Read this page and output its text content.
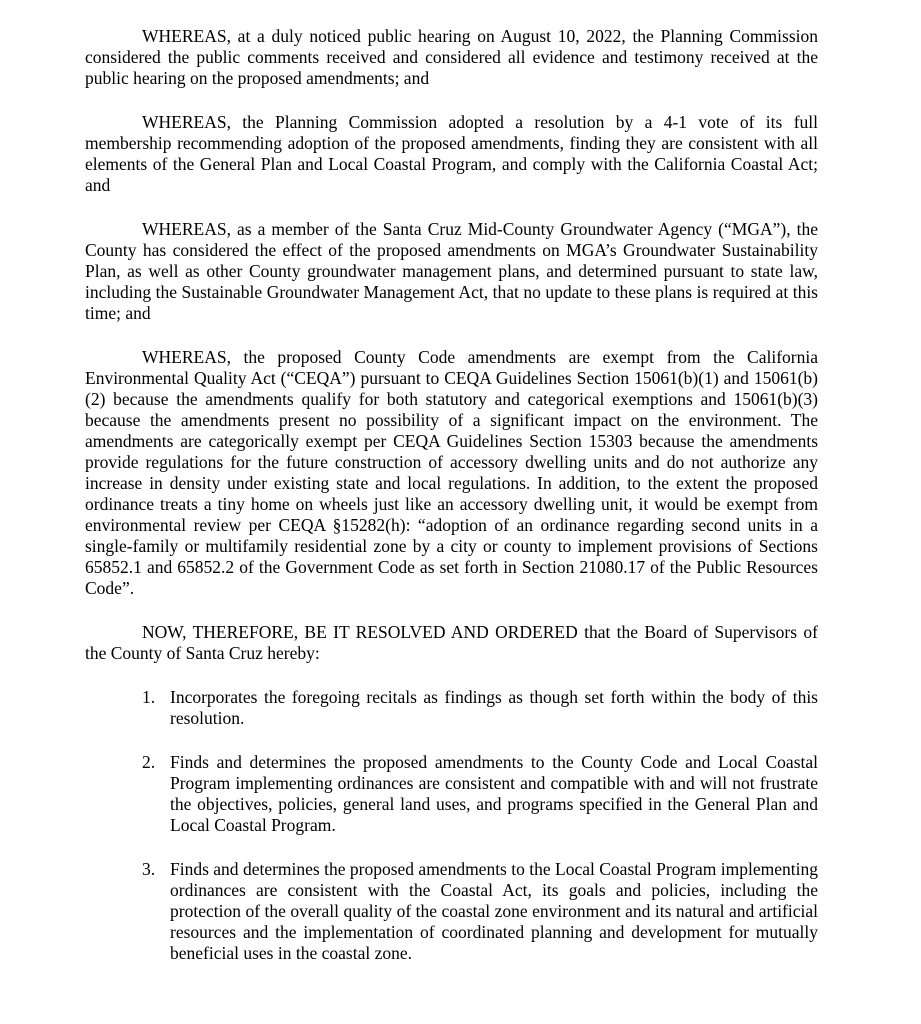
WHEREAS, at a duly noticed public hearing on August 10, 2022, the Planning Commission considered the public comments received and considered all evidence and testimony received at the public hearing on the proposed amendments; and

WHEREAS, the Planning Commission adopted a resolution by a 4-1 vote of its full membership recommending adoption of the proposed amendments, finding they are consistent with all elements of the General Plan and Local Coastal Program, and comply with the California Coastal Act; and

WHEREAS, as a member of the Santa Cruz Mid-County Groundwater Agency (“MGA”), the County has considered the effect of the proposed amendments on MGA’s Groundwater Sustainability Plan, as well as other County groundwater management plans, and determined pursuant to state law, including the Sustainable Groundwater Management Act, that no update to these plans is required at this time; and

WHEREAS, the proposed County Code amendments are exempt from the California Environmental Quality Act (“CEQA”) pursuant to CEQA Guidelines Section 15061(b)(1) and 15061(b)(2) because the amendments qualify for both statutory and categorical exemptions and 15061(b)(3) because the amendments present no possibility of a significant impact on the environment. The amendments are categorically exempt per CEQA Guidelines Section 15303 because the amendments provide regulations for the future construction of accessory dwelling units and do not authorize any increase in density under existing state and local regulations. In addition, to the extent the proposed ordinance treats a tiny home on wheels just like an accessory dwelling unit, it would be exempt from environmental review per CEQA §15282(h): “adoption of an ordinance regarding second units in a single-family or multifamily residential zone by a city or county to implement provisions of Sections 65852.1 and 65852.2 of the Government Code as set forth in Section 21080.17 of the Public Resources Code”.

NOW, THEREFORE, BE IT RESOLVED AND ORDERED that the Board of Supervisors of the County of Santa Cruz hereby:

1. Incorporates the foregoing recitals as findings as though set forth within the body of this resolution.
2. Finds and determines the proposed amendments to the County Code and Local Coastal Program implementing ordinances are consistent and compatible with and will not frustrate the objectives, policies, general land uses, and programs specified in the General Plan and Local Coastal Program.
3. Finds and determines the proposed amendments to the Local Coastal Program implementing ordinances are consistent with the Coastal Act, its goals and policies, including the protection of the overall quality of the coastal zone environment and its natural and artificial resources and the implementation of coordinated planning and development for mutually beneficial uses in the coastal zone.
